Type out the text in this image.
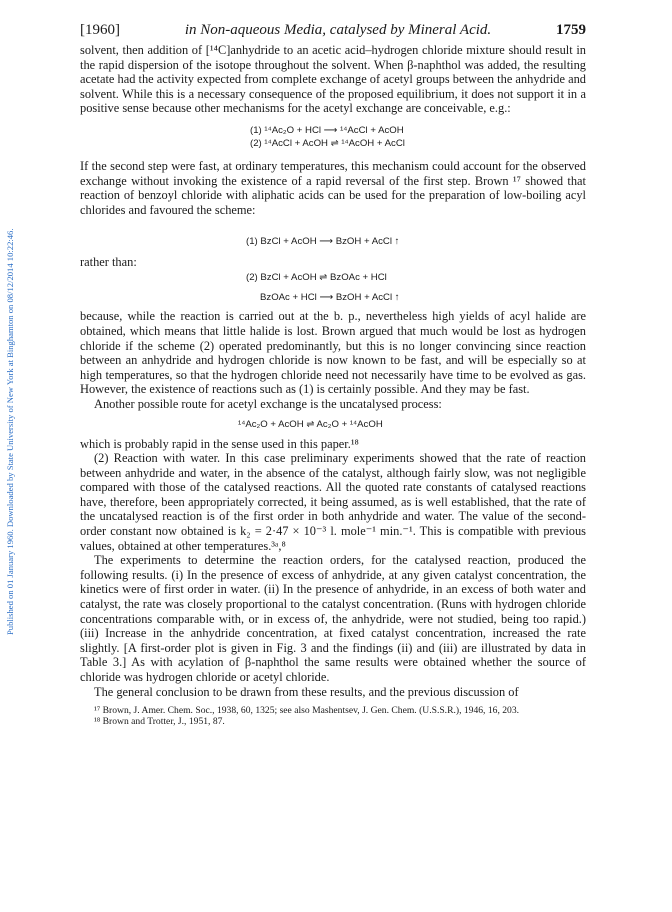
Published on 01 January 1960. Downloaded by State University of New York at Binghamton on 08/12/2014 10:22:46.
[1960]	in Non-aqueous Media, catalysed by Mineral Acid.	1759

solvent, then addition of [¹⁴C]anhydride to an acetic acid–hydrogen chloride mixture should result in the rapid dispersion of the isotope throughout the solvent. When β-naphthol was added, the resulting acetate had the activity expected from complete exchange of acetyl groups between the anhydride and solvent. While this is a necessary consequence of the proposed equilibrium, it does not support it in a positive sense because other mechanisms for the acetyl exchange are conceivable, e.g.:

(1) ¹⁴Ac₂O + HCl ⟶ ¹⁴AcCl + AcOH
(2) ¹⁴AcCl + AcOH ⇌ ¹⁴AcOH + AcCl

If the second step were fast, at ordinary temperatures, this mechanism could account for the observed exchange without invoking the existence of a rapid reversal of the first step. Brown ¹⁷ showed that reaction of benzoyl chloride with aliphatic acids can be used for the preparation of low-boiling acyl chlorides and favoured the scheme:

(1) BzCl + AcOH ⟶ BzOH + AcCl ↑
rather than:
(2) BzCl + AcOH ⇌ BzOAc + HCl
BzOAc + HCl ⟶ BzOH + AcCl ↑

because, while the reaction is carried out at the b. p., nevertheless high yields of acyl halide are obtained, which means that little halide is lost. Brown argued that much would be lost as hydrogen chloride if the scheme (2) operated predominantly, but this is no longer convincing since reaction between an anhydride and hydrogen chloride is now known to be fast, and will be especially so at high temperatures, so that the hydrogen chloride need not necessarily have time to be evolved as gas. However, the existence of reactions such as (1) is certainly possible. And they may be fast.

Another possible route for acetyl exchange is the uncatalysed process:

¹⁴Ac₂O + AcOH ⇌ Ac₂O + ¹⁴AcOH

which is probably rapid in the sense used in this paper.¹⁸

(2) Reaction with water. In this case preliminary experiments showed that the rate of reaction between anhydride and water, in the absence of the catalyst, although fairly slow, was not negligible compared with those of the catalysed reactions. All the quoted rate constants of catalysed reactions have, therefore, been appropriately corrected, it being assumed, as is well established, that the rate of the uncatalysed reaction is of the first order in both anhydride and water. The value of the second-order constant now obtained is k₂ = 2·47 × 10⁻³ l. mole⁻¹ min.⁻¹. This is compatible with previous values, obtained at other temperatures.³ᵃ,⁸

The experiments to determine the reaction orders, for the catalysed reaction, produced the following results. (i) In the presence of excess of anhydride, at any given catalyst concentration, the kinetics were of first order in water. (ii) In the presence of anhydride, in an excess of both water and catalyst, the rate was closely proportional to the catalyst concentration. (Runs with hydrogen chloride concentrations comparable with, or in excess of, the anhydride, were not studied, being too rapid.) (iii) Increase in the anhydride concentration, at fixed catalyst concentration, increased the rate slightly. [A first-order plot is given in Fig. 3 and the findings (ii) and (iii) are illustrated by data in Table 3.] As with acylation of β-naphthol the same results were obtained whether the source of chloride was hydrogen chloride or acetyl chloride.

The general conclusion to be drawn from these results, and the previous discussion of

¹⁷ Brown, J. Amer. Chem. Soc., 1938, 60, 1325; see also Mashentsev, J. Gen. Chem. (U.S.S.R.), 1946, 16, 203.
¹⁸ Brown and Trotter, J., 1951, 87.
